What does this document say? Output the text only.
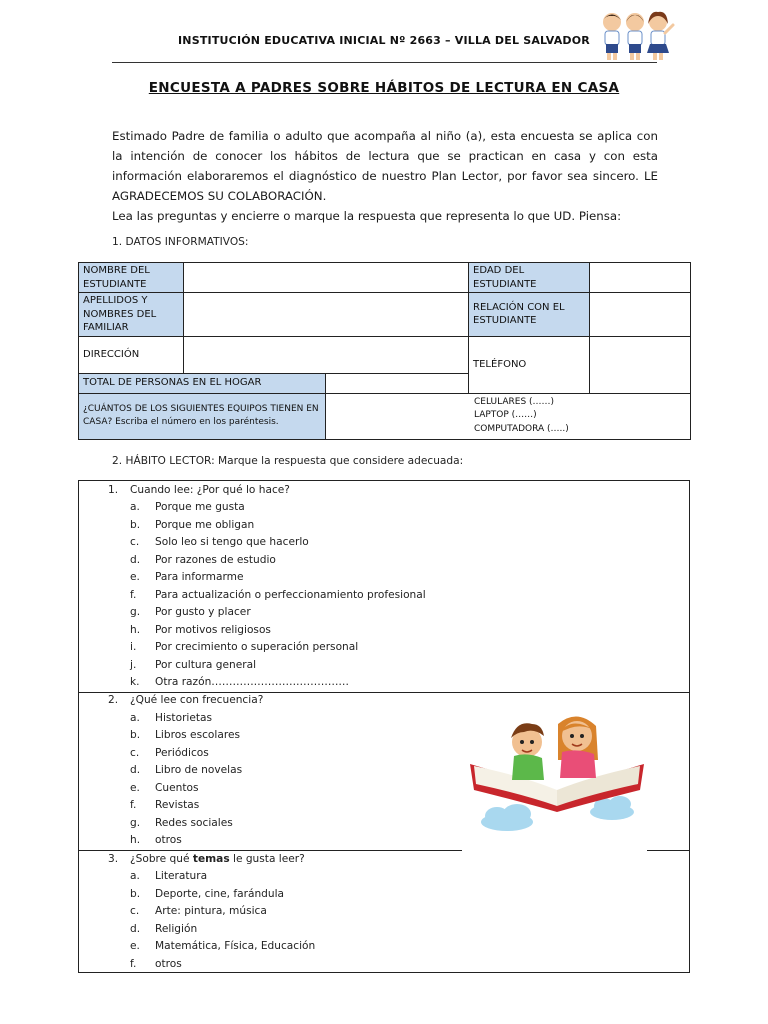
INSTITUCIÓN EDUCATIVA INICIAL Nº 2663 – VILLA DEL SALVADOR
ENCUESTA A PADRES SOBRE HÁBITOS DE LECTURA EN CASA

Estimado Padre de familia o adulto que acompaña al niño (a), esta encuesta se aplica con la intención de conocer los hábitos de lectura que se practican en casa y con esta información elaboraremos el diagnóstico de nuestro Plan Lector, por favor sea sincero. LE AGRADECEMOS SU COLABORACIÓN.

Lea las preguntas y encierre o marque la respuesta que representa lo que UD. Piensa:

1. DATOS INFORMATIVOS:
NOMBRE DEL ESTUDIANTE			EDAD DEL ESTUDIANTE	
APELLIDOS Y NOMBRES DEL FAMILIAR			RELACIÓN CON EL ESTUDIANTE	
DIRECCIÓN			TELÉFONO	
TOTAL DE PERSONAS EN EL HOGAR				
¿CUÁNTOS DE LOS SIGUIENTES EQUIPOS TIENEN EN CASA? Escriba el número en los paréntesis.		CELULARES (……)
LAPTOP (……)
COMPUTADORA (…..)		
2. HÁBITO LECTOR: Marque la respuesta que considere adecuada:
1. Cuando lee: ¿Por qué lo hace?
a. Porque me gusta
b. Porque me obligan
c. Solo leo si tengo que hacerlo
d. Por razones de estudio
e. Para informarme
f. Para actualización o perfeccionamiento profesional
g. Por gusto y placer
h. Por motivos religiosos
i. Por crecimiento o superación personal
j. Por cultura general
k. Otra razón…………………………………
2. ¿Qué lee con frecuencia?
a. Historietas
b. Libros escolares
c. Periódicos
d. Libro de novelas
e. Cuentos
f. Revistas
g. Redes sociales
h. otros
3. ¿Sobre qué temas le gusta leer?
a. Literatura
b. Deporte, cine, farándula
c. Arte: pintura, música
d. Religión
e. Matemática, Física, Educación
f. otros
